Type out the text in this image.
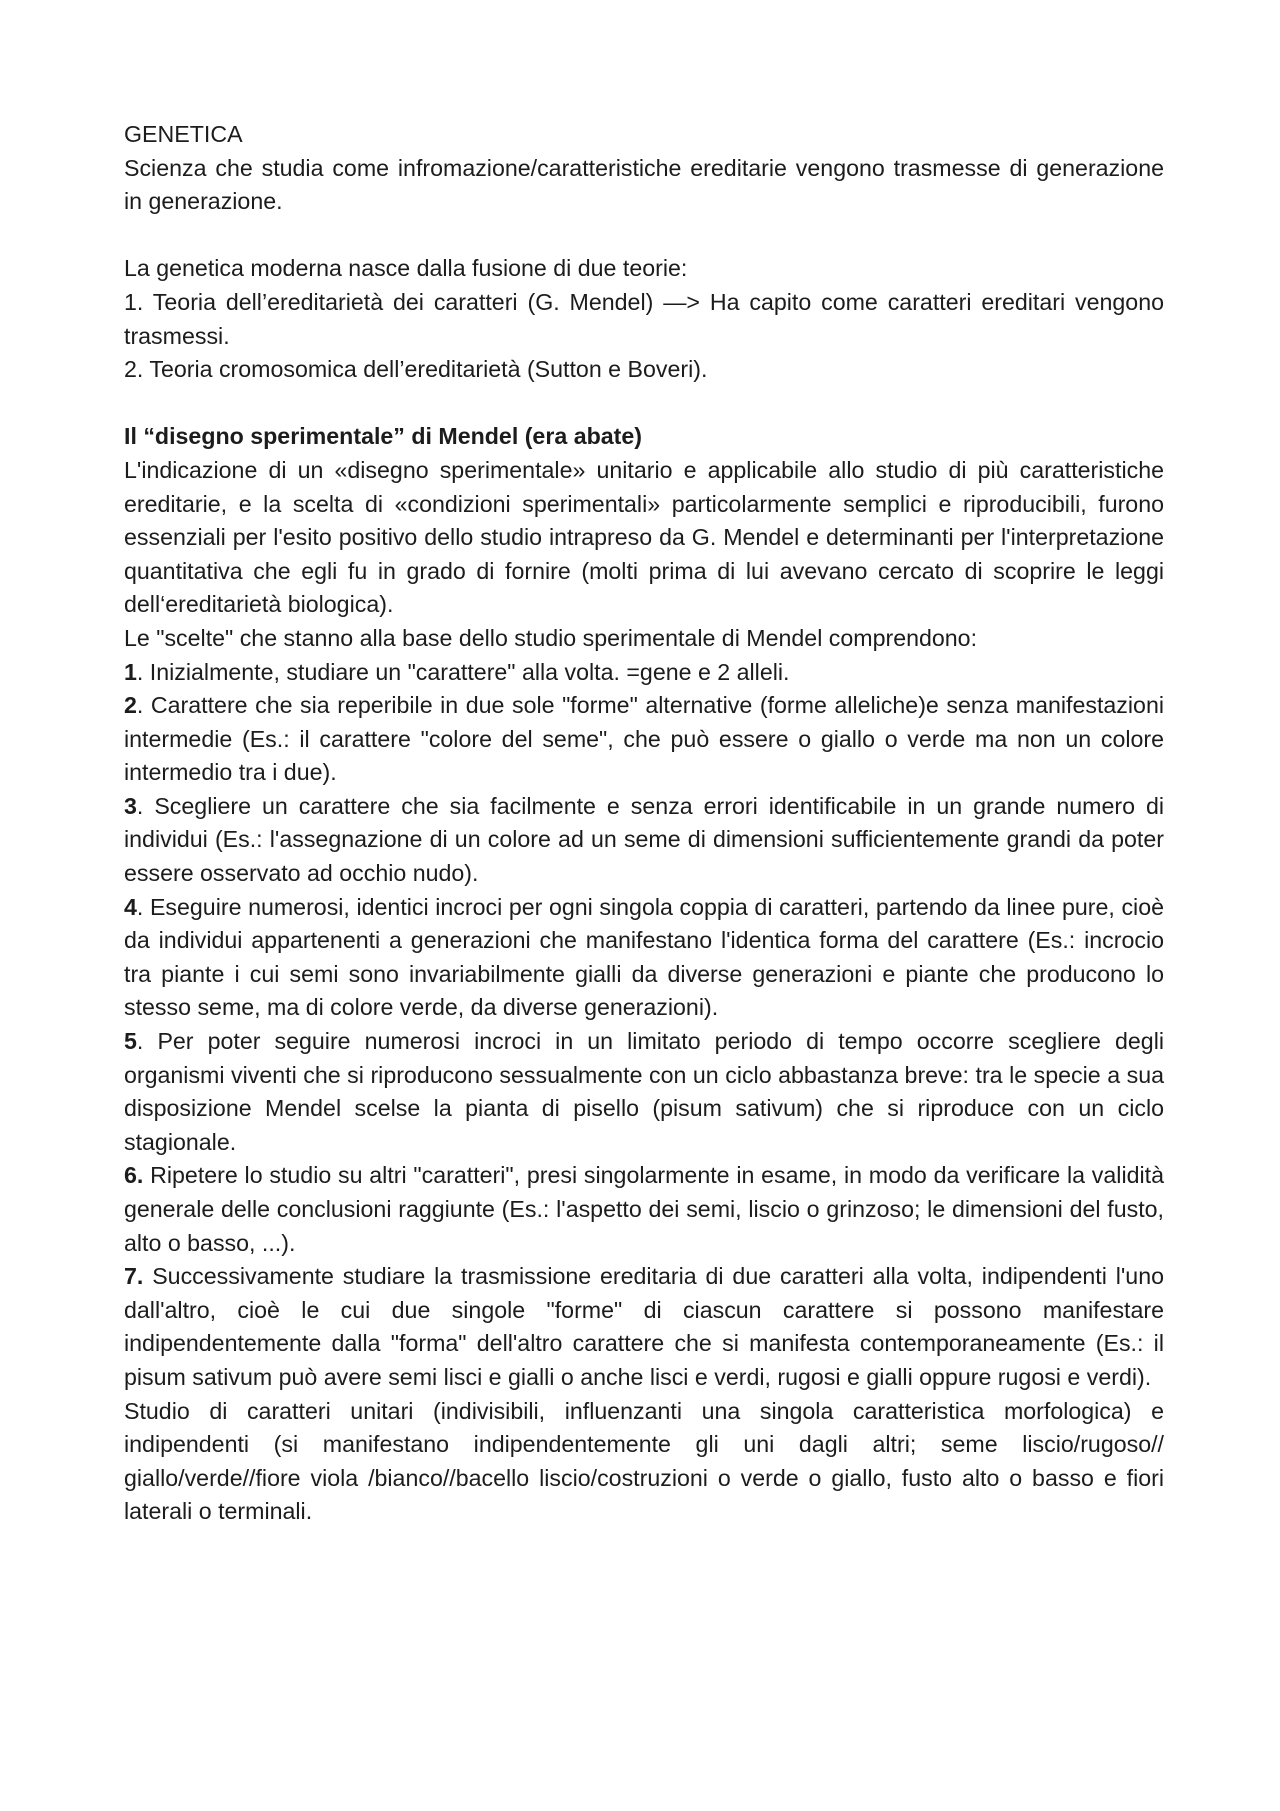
GENETICA

Scienza che studia come infromazione/caratteristiche ereditarie vengono trasmesse di generazione in generazione.

La genetica moderna nasce dalla fusione di due teorie:

1. Teoria dell’ereditarietà dei caratteri (G. Mendel) —> Ha capito come caratteri ereditari vengono trasmessi.

2. Teoria cromosomica dell’ereditarietà (Sutton e Boveri).

Il “disegno sperimentale” di Mendel (era abate)

L'indicazione di un «disegno sperimentale» unitario e applicabile allo studio di più caratteristiche ereditarie, e la scelta di «condizioni sperimentali» particolarmente semplici e riproducibili, furono essenziali per l'esito positivo dello studio intrapreso da G. Mendel e determinanti per l'interpretazione quantitativa che egli fu in grado di fornire (molti prima di lui avevano cercato di scoprire le leggi dell‘ereditarietà biologica).

Le "scelte" che stanno alla base dello studio sperimentale di Mendel comprendono:

1. Inizialmente, studiare un "carattere" alla volta. =gene e 2 alleli.

2. Carattere che sia reperibile in due sole "forme" alternative (forme alleliche)e senza manifestazioni intermedie (Es.: il carattere "colore del seme", che può essere o giallo o verde ma non un colore intermedio tra i due).

3. Scegliere un carattere che sia facilmente e senza errori identificabile in un grande numero di individui (Es.: l'assegnazione di un colore ad un seme di dimensioni sufficientemente grandi da poter essere osservato ad occhio nudo).

4. Eseguire numerosi, identici incroci per ogni singola coppia di caratteri, partendo da linee pure, cioè da individui appartenenti a generazioni che manifestano l'identica forma del carattere (Es.: incrocio tra piante i cui semi sono invariabilmente gialli da diverse generazioni e piante che producono lo stesso seme, ma di colore verde, da diverse generazioni).

5. Per poter seguire numerosi incroci in un limitato periodo di tempo occorre scegliere degli organismi viventi che si riproducono sessualmente con un ciclo abbastanza breve: tra le specie a sua disposizione Mendel scelse la pianta di pisello (pisum sativum) che si riproduce con un ciclo stagionale.

6. Ripetere lo studio su altri "caratteri", presi singolarmente in esame, in modo da verificare la validità generale delle conclusioni raggiunte (Es.: l'aspetto dei semi, liscio o grinzoso; le dimensioni del fusto, alto o basso, ...).

7. Successivamente studiare la trasmissione ereditaria di due caratteri alla volta, indipendenti l'uno dall'altro, cioè le cui due singole "forme" di ciascun carattere si possono manifestare indipendentemente dalla "forma" dell'altro carattere che si manifesta contemporaneamente (Es.: il pisum sativum può avere semi lisci e gialli o anche lisci e verdi, rugosi e gialli oppure rugosi e verdi).

Studio di caratteri unitari (indivisibili, influenzanti una singola caratteristica morfologica) e indipendenti (si manifestano indipendentemente gli uni dagli altri; seme liscio/rugoso// giallo/verde//fiore viola /bianco//bacello liscio/costruzioni o verde o giallo, fusto alto o basso e fiori laterali o terminali.
